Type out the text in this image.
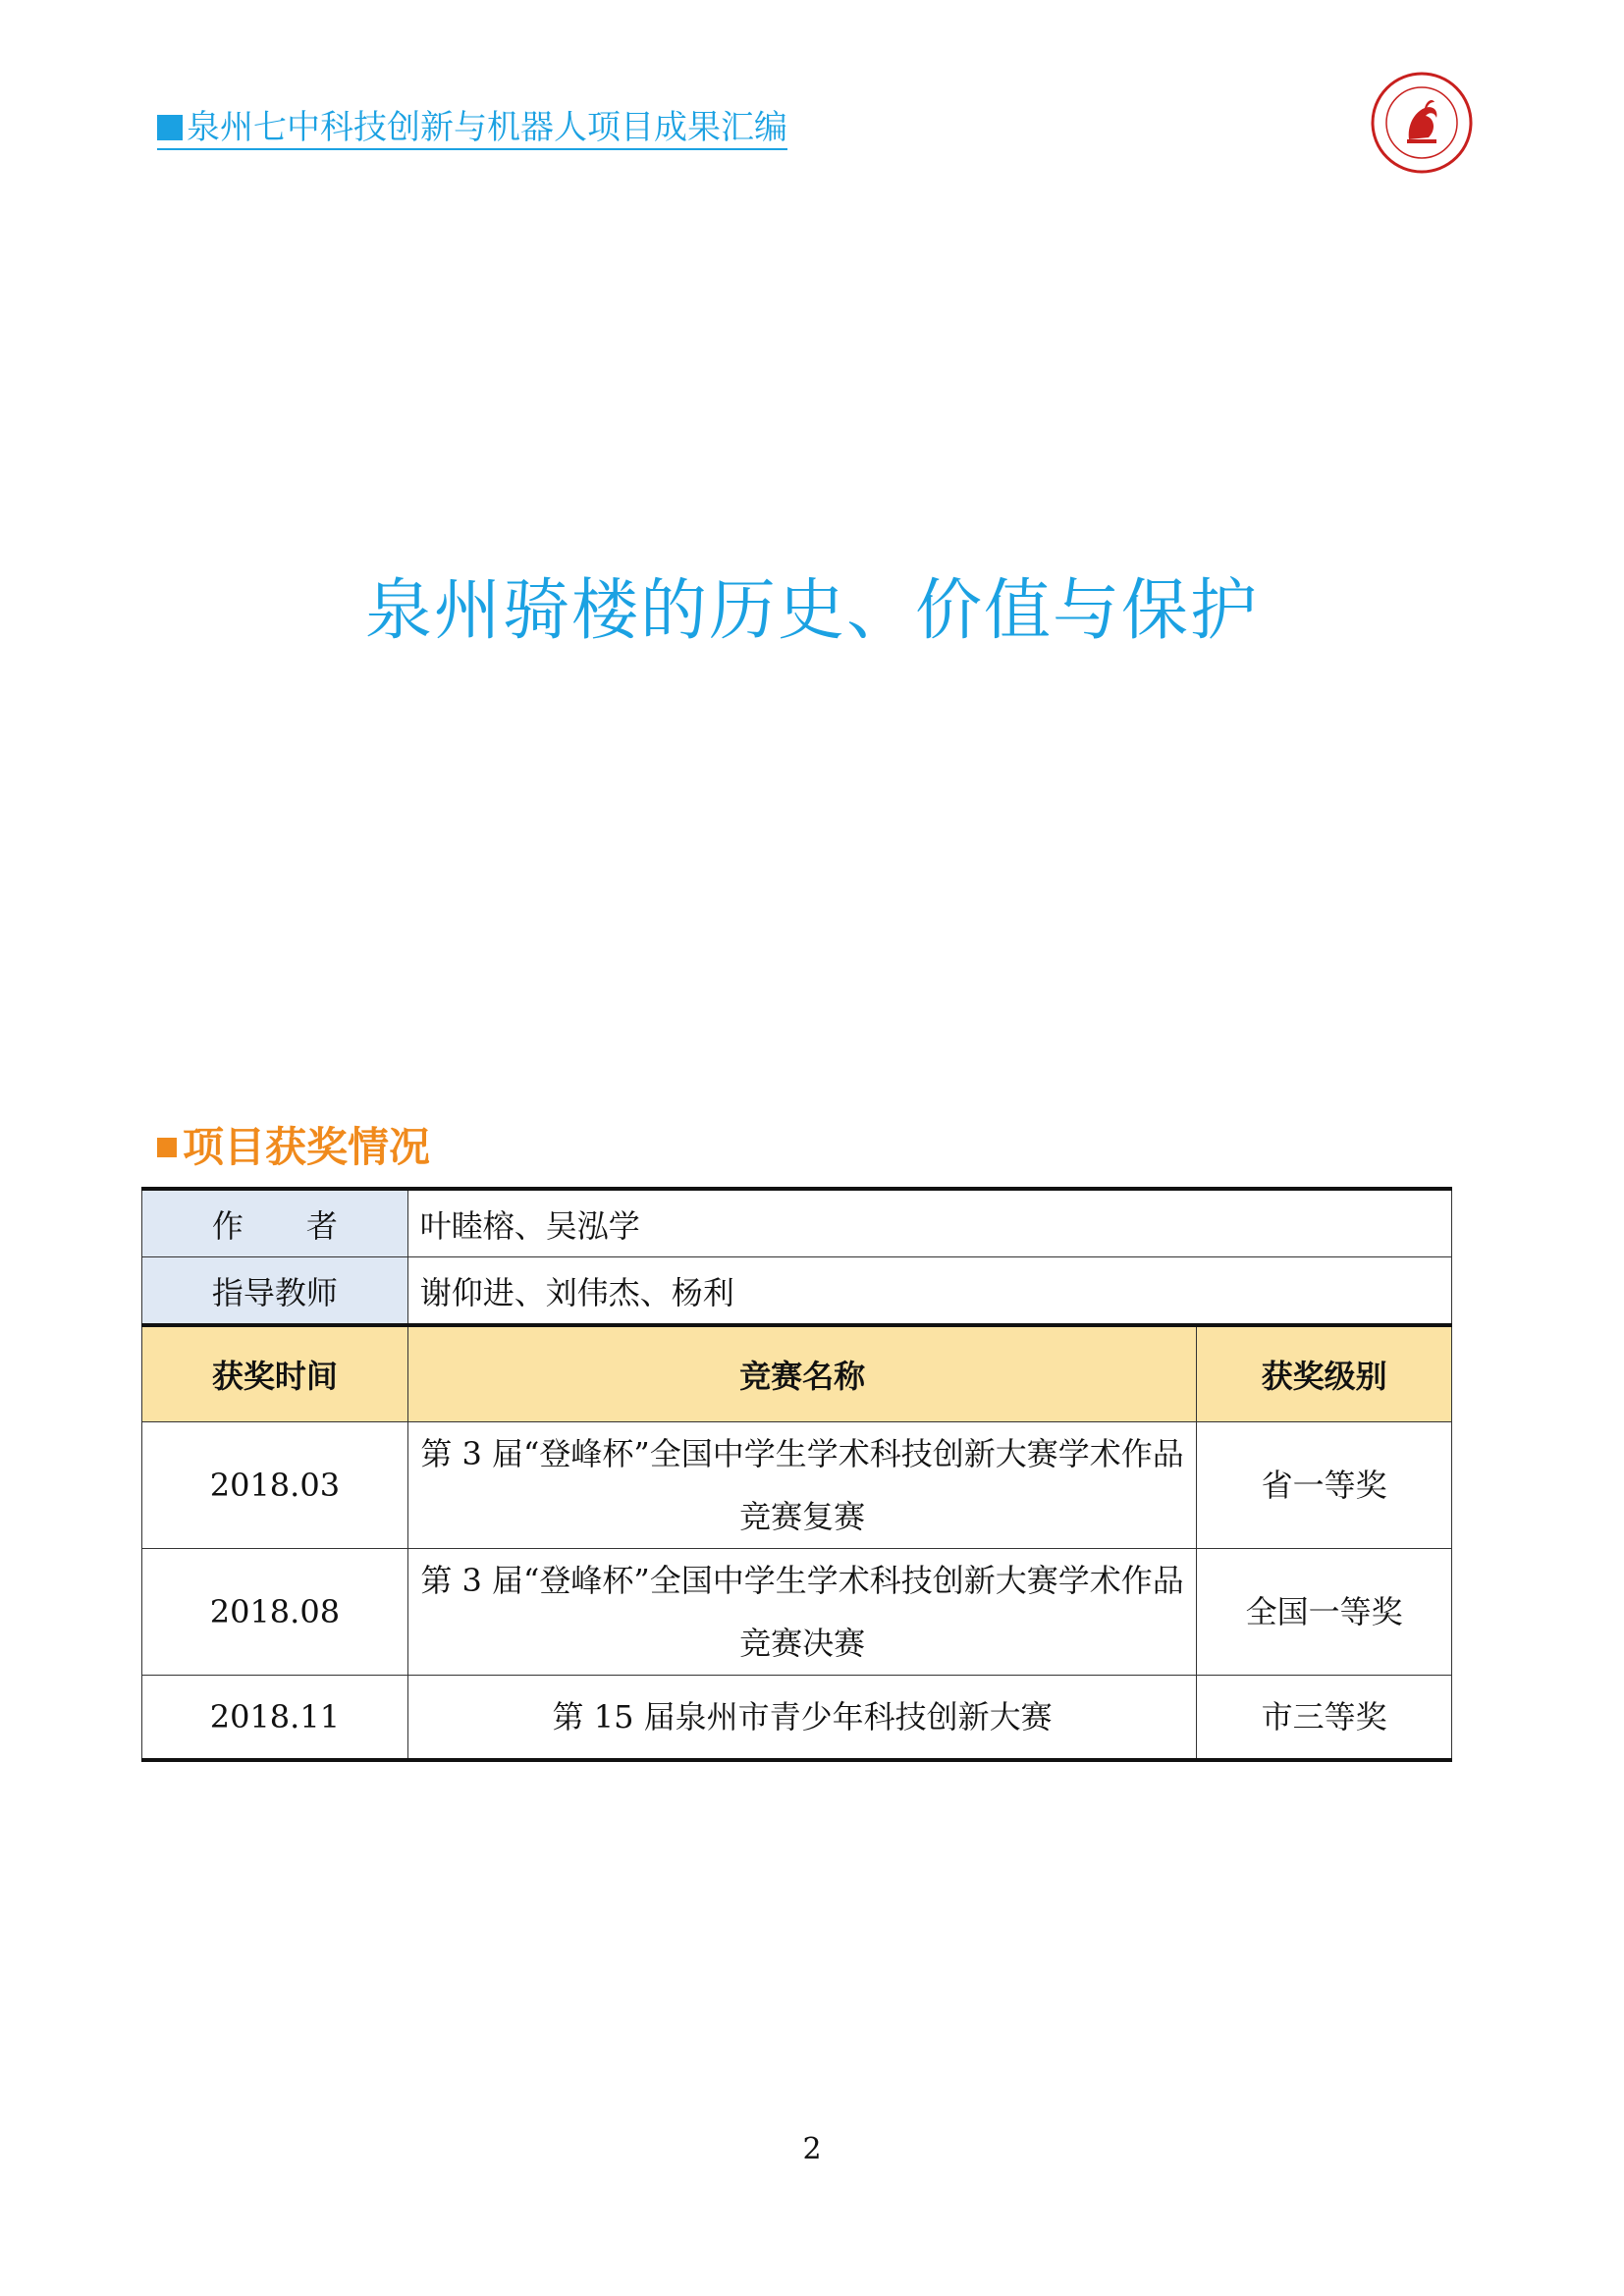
泉州七中科技创新与机器人项目成果汇编
泉州骑楼的历史、价值与保护
项目获奖情况
作　　者	叶睦榕、吴泓学	
指导教师	谢仰进、刘伟杰、杨利	
获奖时间	竞赛名称	获奖级别
2018.03	第 3 届“登峰杯”全国中学生学术科技创新大赛学术作品竞赛复赛	省一等奖
2018.08	第 3 届“登峰杯”全国中学生学术科技创新大赛学术作品竞赛决赛	全国一等奖
2018.11	第 15 届泉州市青少年科技创新大赛	市三等奖
2
